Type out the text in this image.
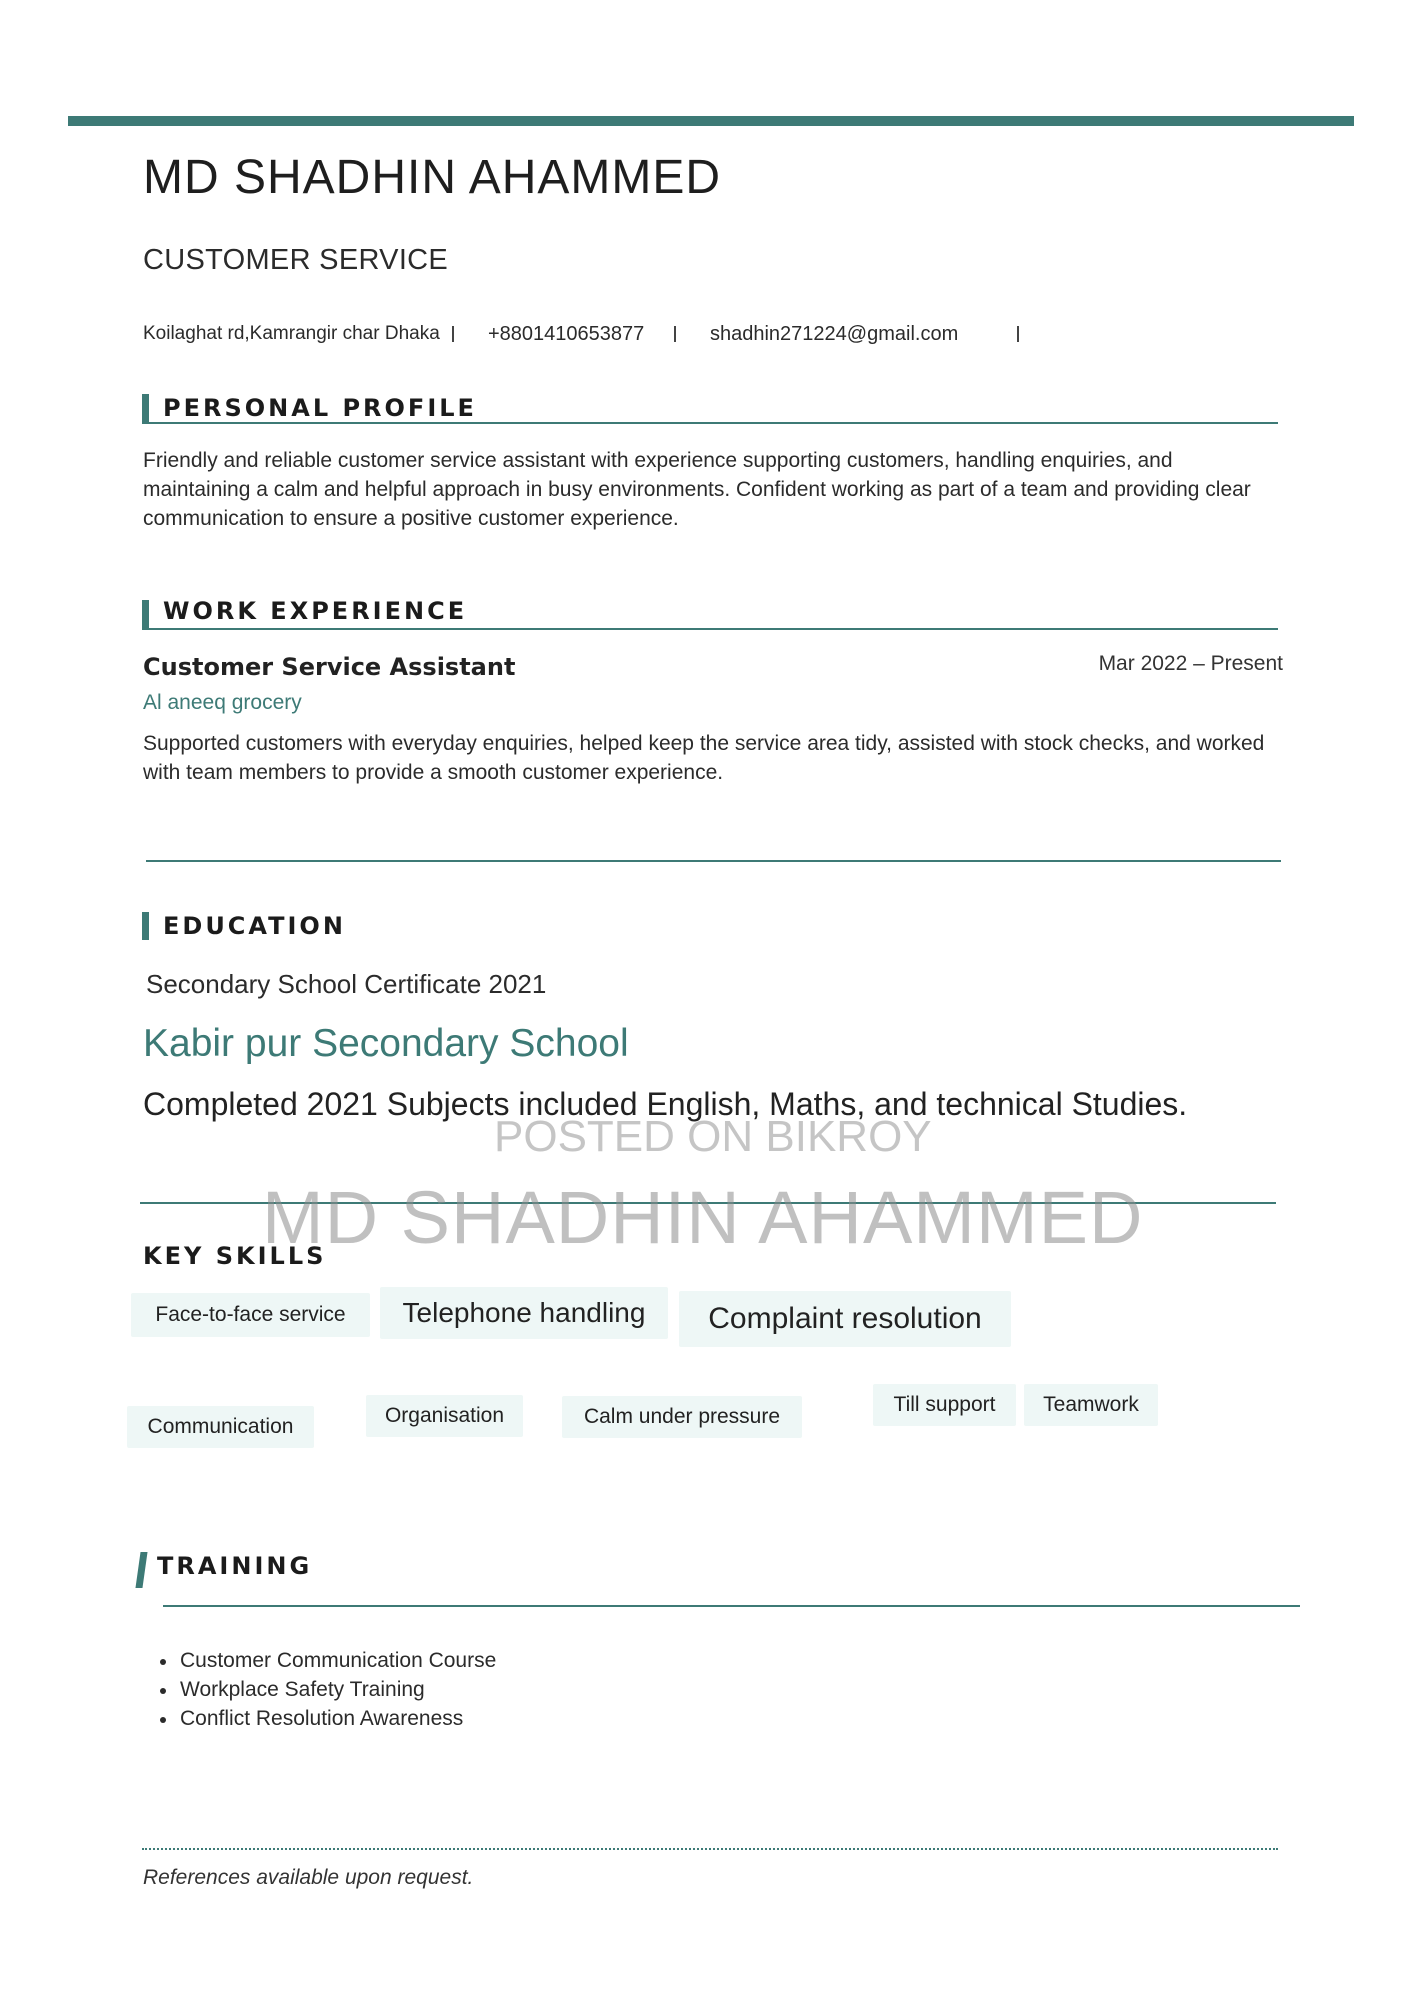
MD SHADHIN AHAMMED
CUSTOMER SERVICE
Koilaghat rd,Kamrangir char Dhaka	+8801410653877	shadhin271224@gmail.com
PERSONAL PROFILE
Friendly and reliable customer service assistant with experience supporting customers, handling enquiries, and maintaining a calm and helpful approach in busy environments. Confident working as part of a team and providing clear communication to ensure a positive customer experience.
WORK EXPERIENCE
Customer Service Assistant	Mar 2022 – Present
Al aneeq grocery
Supported customers with everyday enquiries, helped keep the service area tidy, assisted with stock checks, and worked with team members to provide a smooth customer experience.
EDUCATION
Secondary School Certificate 2021
Kabir pur Secondary School
Completed 2021 Subjects included English, Maths, and technical Studies.
POSTED ON BIKROY
MD SHADHIN AHAMMED
KEY SKILLS
Face-to-face service	Telephone handling	Complaint resolution
Communication	Organisation	Calm under pressure
Till support	Teamwork
TRAINING
Customer Communication Course
Workplace Safety Training
Conflict Resolution Awareness
References available upon request.
